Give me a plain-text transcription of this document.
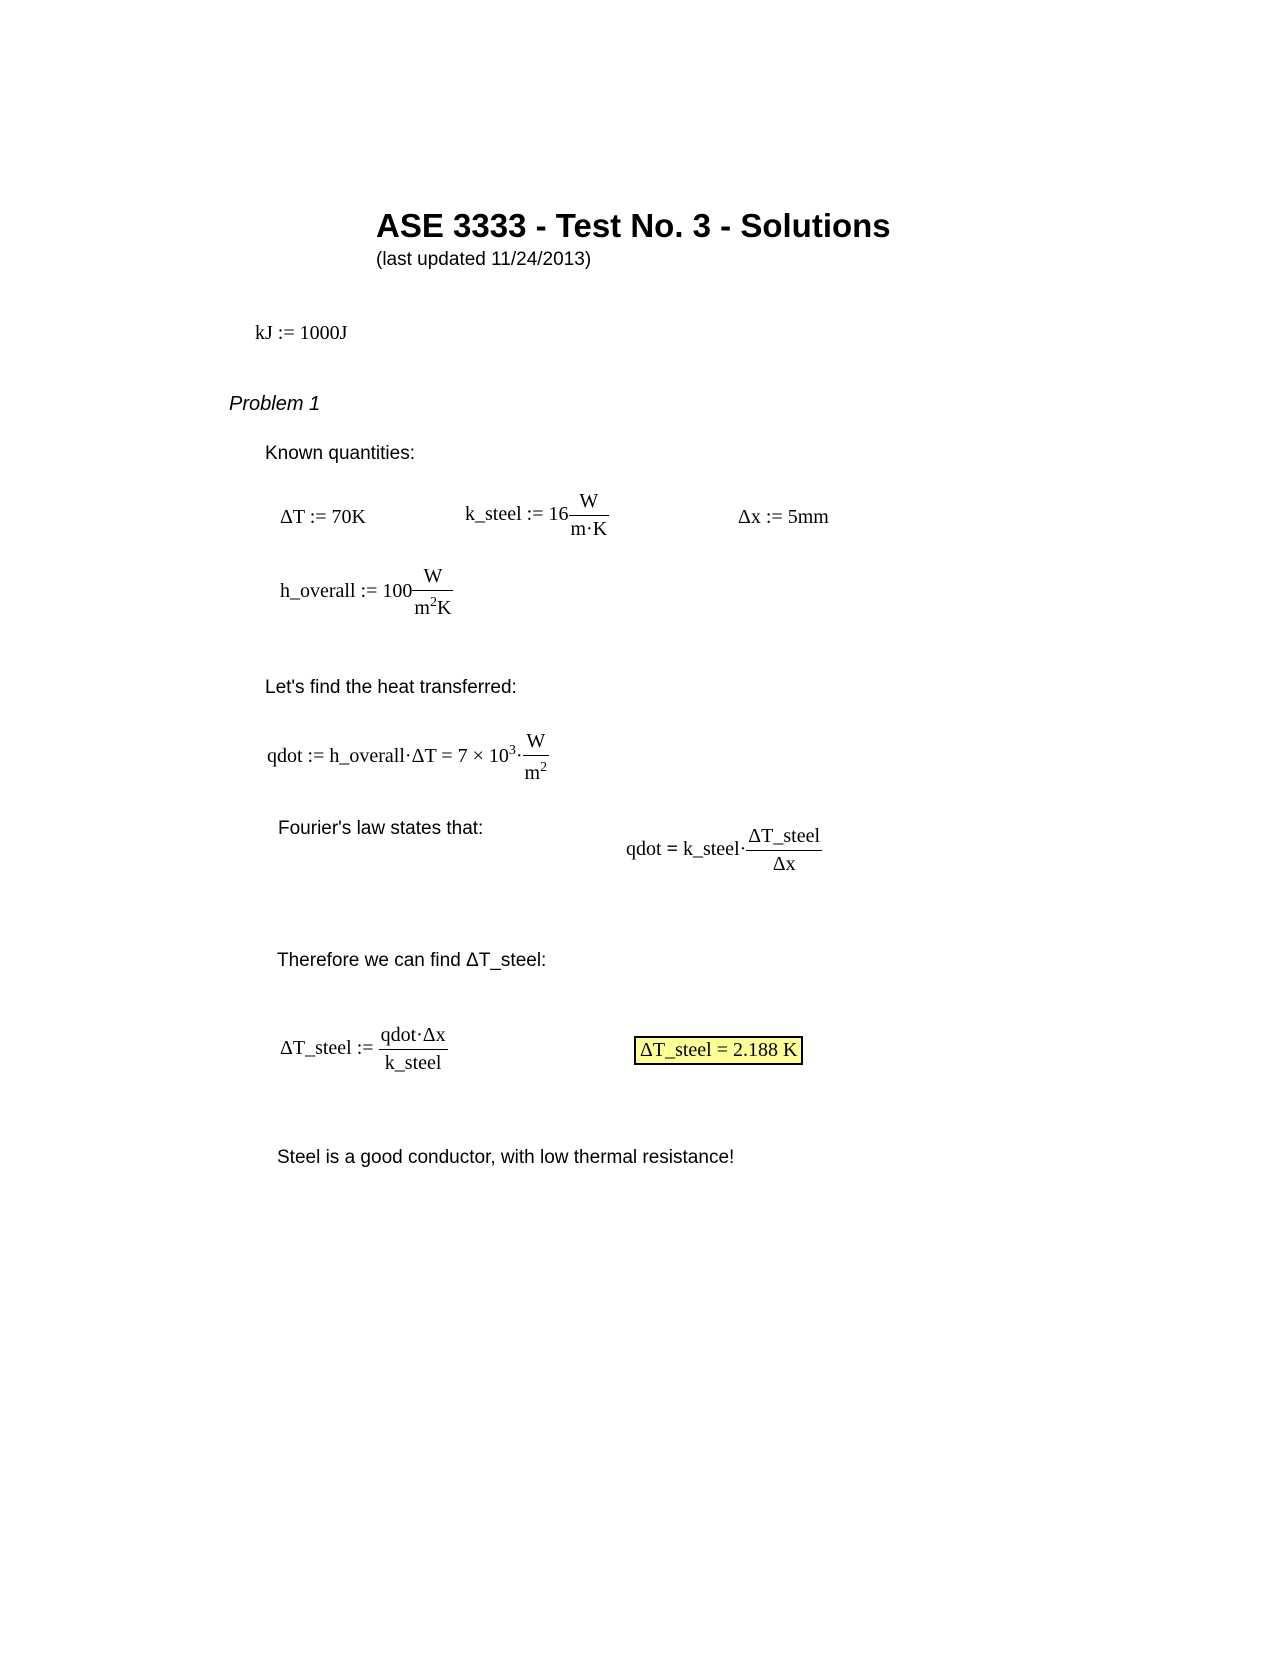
ASE 3333 - Test No. 3 - Solutions
(last updated 11/24/2013)
kJ := 1000J
Problem 1
Known quantities:
ΔT := 70K	k_steel := $16 \frac{W}{m\cdot K}$	Δx := 5mm
h_overall := $100 \frac{W}{m^2K}$
Let's find the heat transferred:
qdot := h_overall·ΔT = $7 \times 10^3\cdot \frac{W}{m^2}$
Fourier's law states that:
qdot = k_steel· $\frac{\text{ΔT\_steel}}{\Delta x}$
Therefore we can find ΔT_steel:
ΔT_steel := $\frac{\text{qdot·Δx}}{\text{k\_steel}}$	ΔT_steel = 2.188 K
Steel is a good conductor, with low thermal resistance!
